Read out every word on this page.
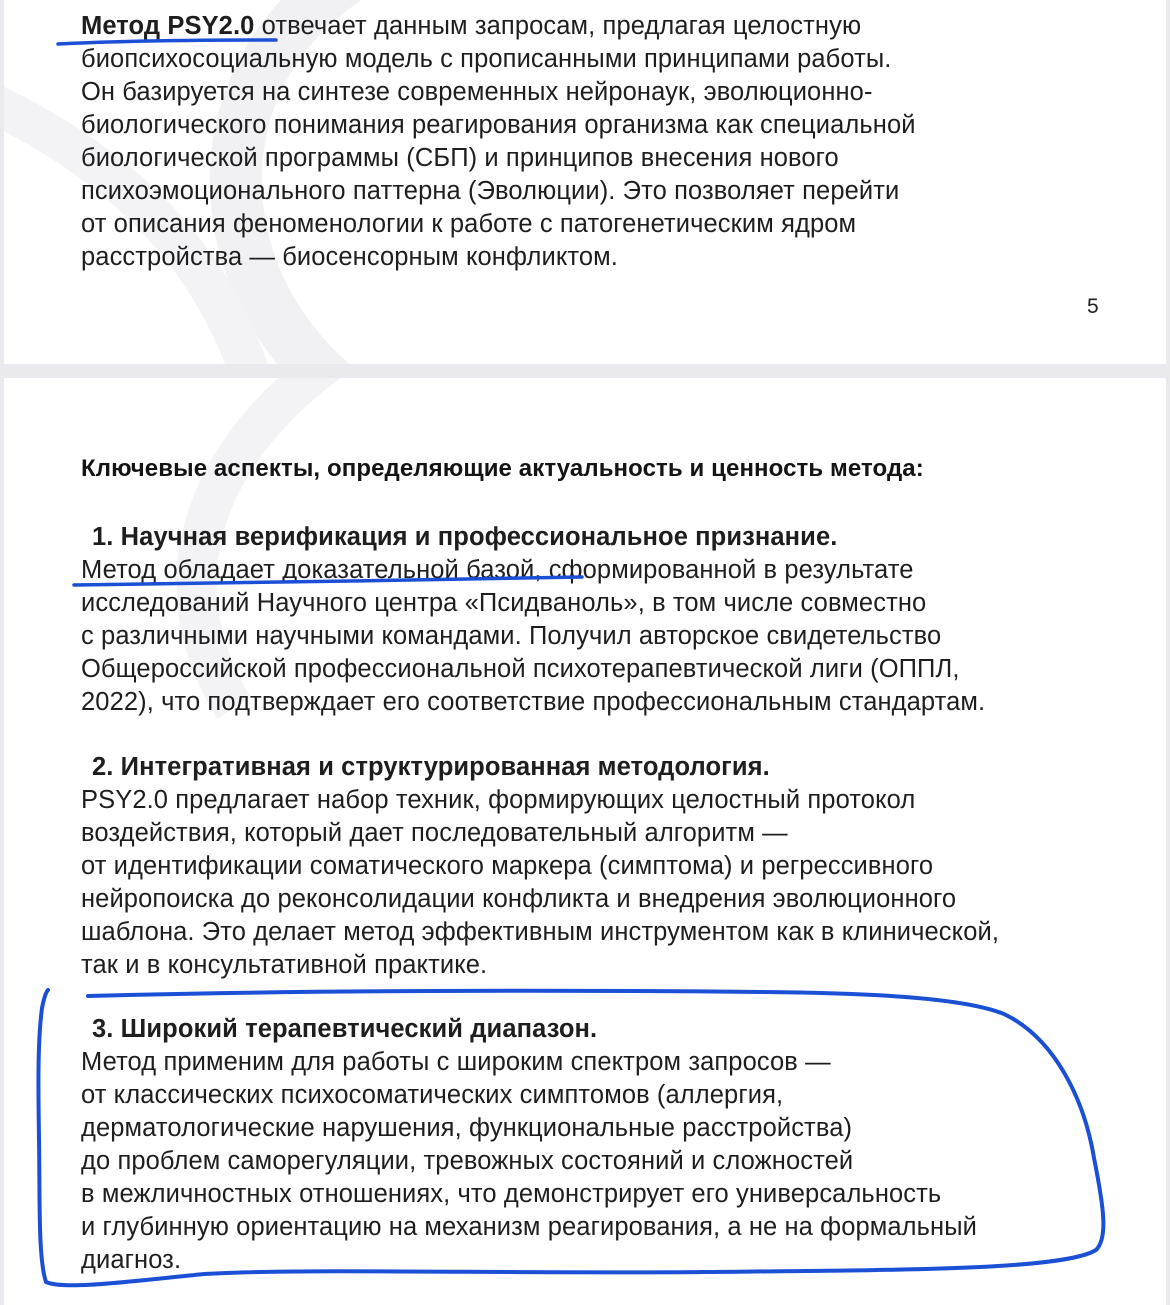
Метод PSY2.0 отвечает данным запросам, предлагая целостную
биопсихосоциальную модель с прописанными принципами работы.
Он базируется на синтезе современных нейронаук, эволюционно-
биологического понимания реагирования организма как специальной
биологической программы (СБП) и принципов внесения нового
психоэмоционального паттерна (Эволюции). Это позволяет перейти
от описания феноменологии к работе с патогенетическим ядром
расстройства — биосенсорным конфликтом.
5
Ключевые аспекты, определяющие актуальность и ценность метода:
1. Научная верификация и профессиональное признание.
Метод обладает доказательной базой, сформированной в результате
исследований Научного центра «Псидваноль», в том числе совместно
с различными научными командами. Получил авторское свидетельство
Общероссийской профессиональной психотерапевтической лиги (ОППЛ,
2022), что подтверждает его соответствие профессиональным стандартам.
2. Интегративная и структурированная методология.
PSY2.0 предлагает набор техник, формирующих целостный протокол
воздействия, который дает последовательный алгоритм —
от идентификации соматического маркера (симптома) и регрессивного
нейропоиска до реконсолидации конфликта и внедрения эволюционного
шаблона. Это делает метод эффективным инструментом как в клинической,
так и в консультативной практике.
3. Широкий терапевтический диапазон.
Метод применим для работы с широким спектром запросов —
от классических психосоматических симптомов (аллергия,
дерматологические нарушения, функциональные расстройства)
до проблем саморегуляции, тревожных состояний и сложностей
в межличностных отношениях, что демонстрирует его универсальность
и глубинную ориентацию на механизм реагирования, а не на формальный
диагноз.
